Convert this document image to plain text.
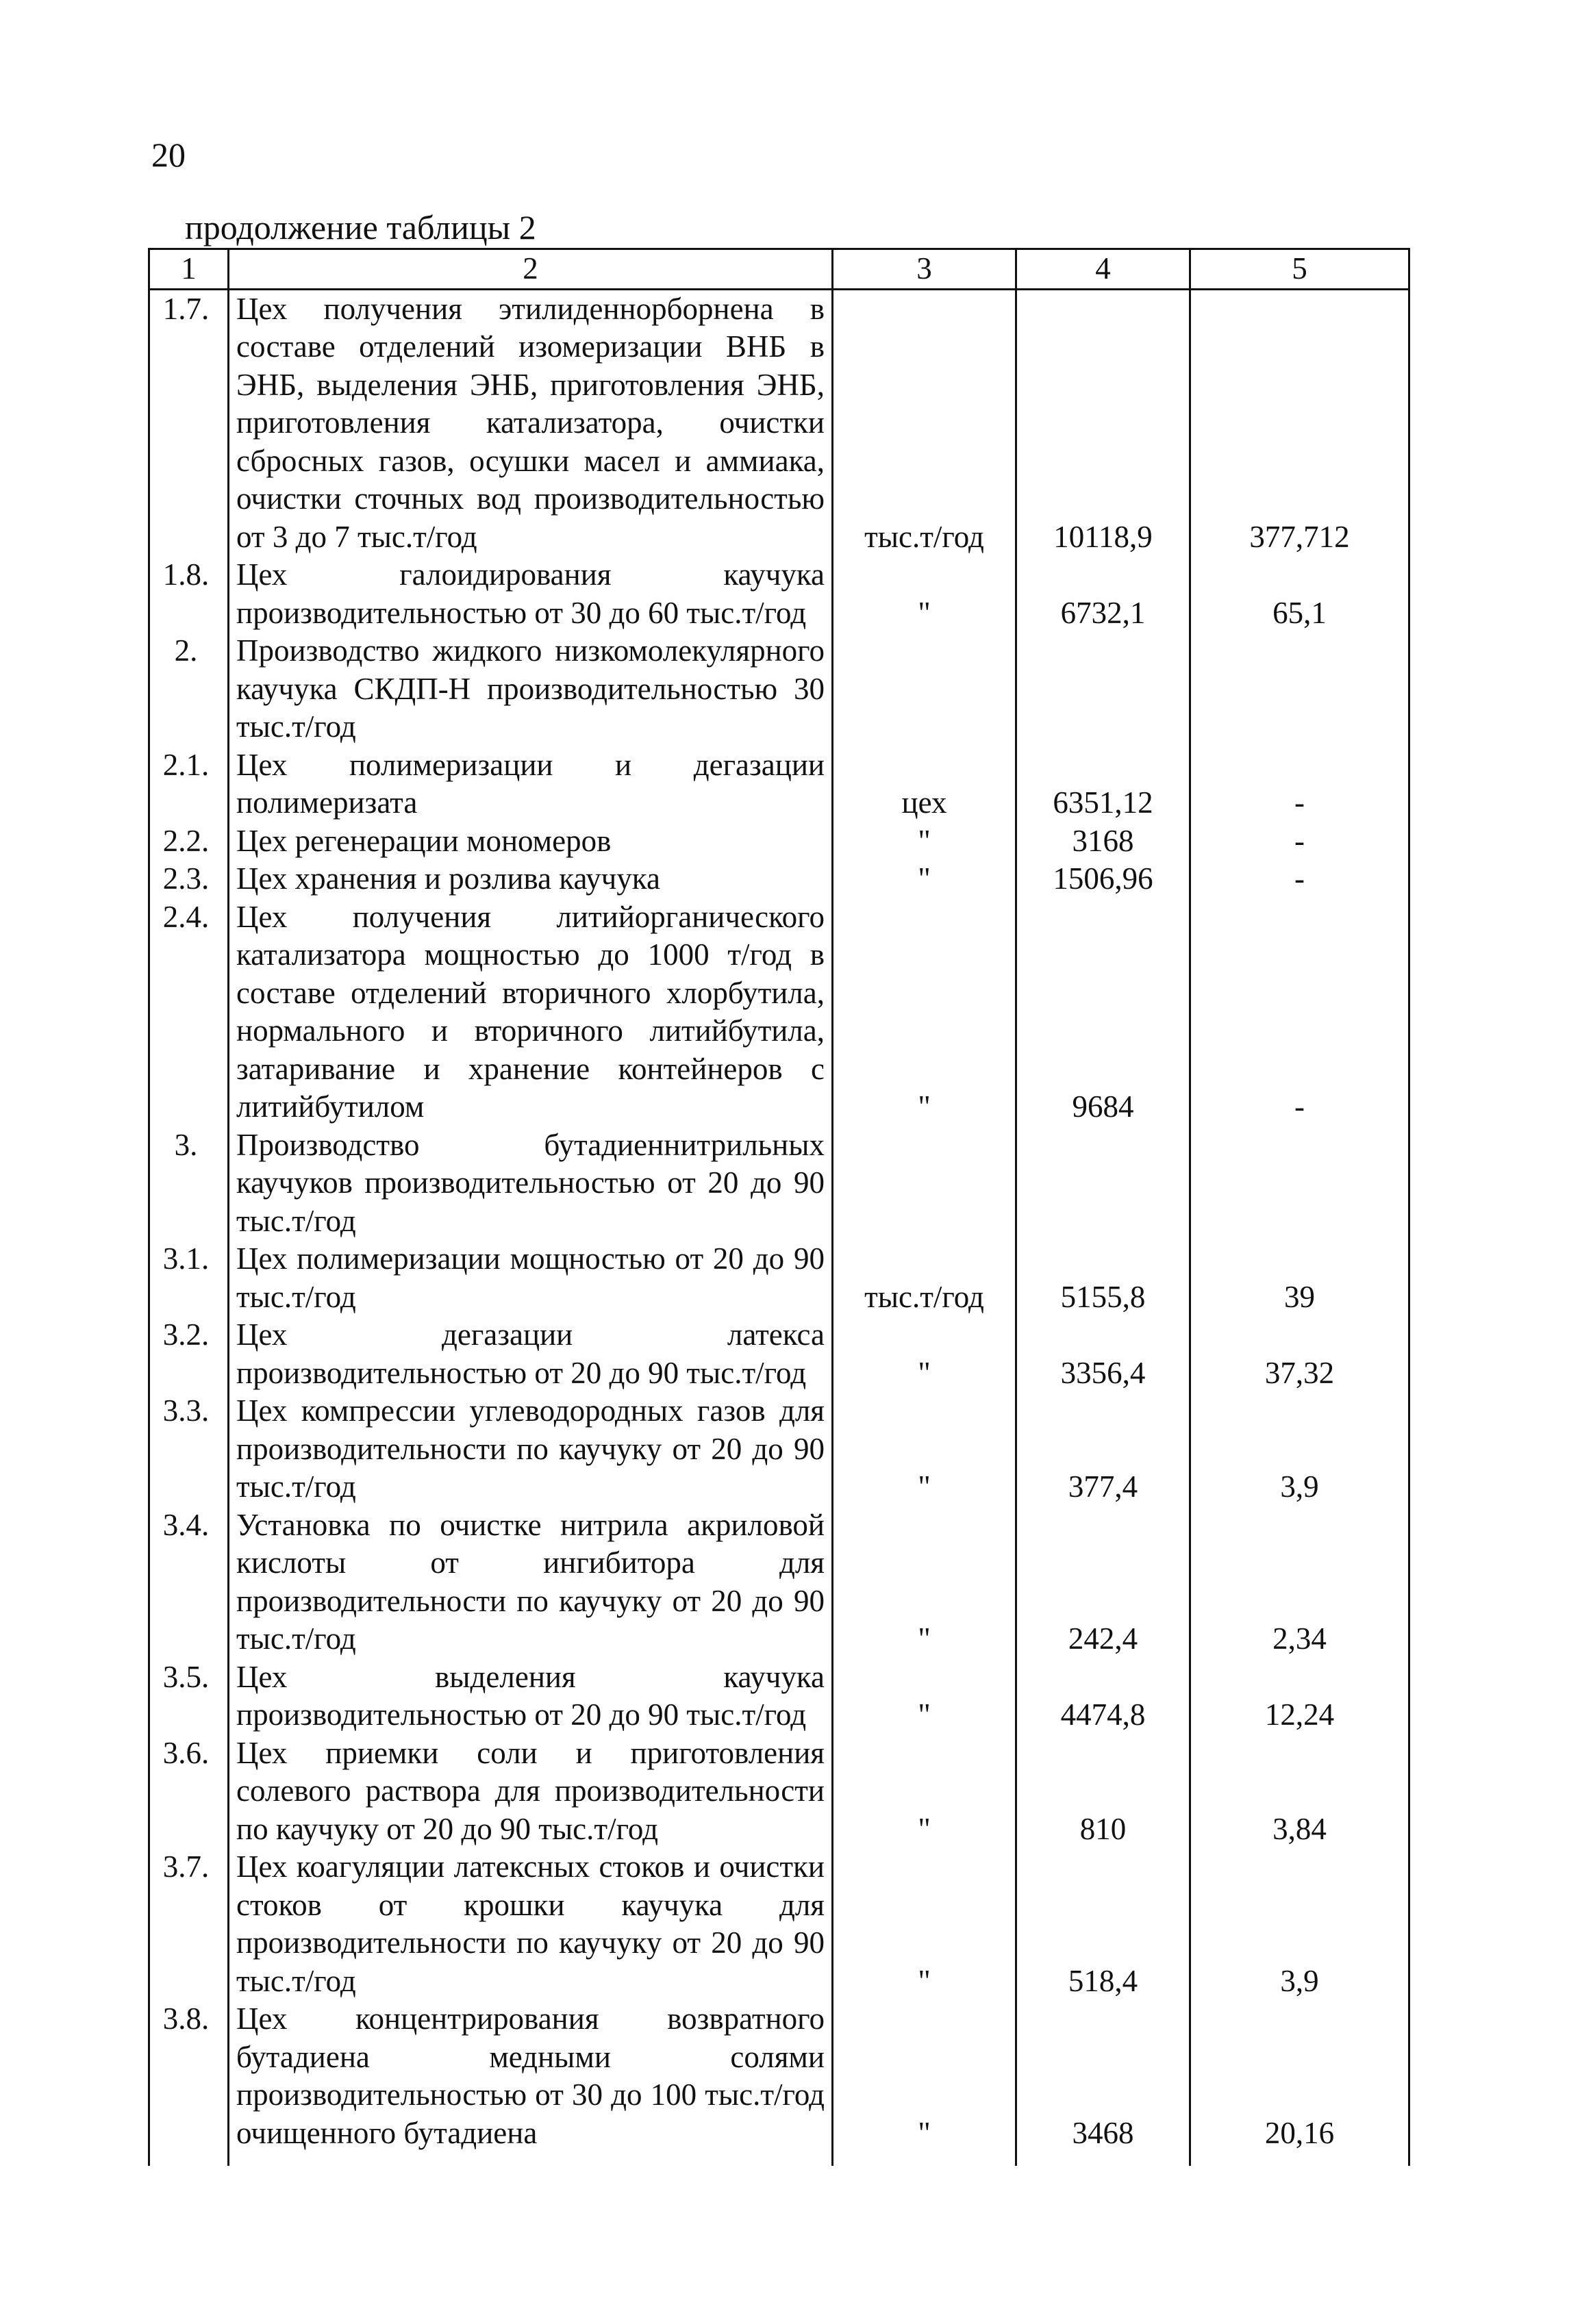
20
продолжение таблицы 2
1	2	3	4	5
1.7.	Цех получения этилиденнорборнена в составе отделений изомеризации ВНБ в ЭНБ, выделения ЭНБ, приготовления ЭНБ, приготовления катализатора, очистки сбросных газов, осушки масел и аммиака, очистки сточных вод производительностью от 3 до 7 тыс.т/год	тыс.т/год	10118,9	377,712
1.8.	Цех галоидирования каучука производительностью от 30 до 60 тыс.т/год	"	6732,1	65,1
2.	Производство жидкого низкомолекулярного каучука СКДП-Н производительностью 30 тыс.т/год			
2.1.	Цех полимеризации и дегазации полимеризата	цех	6351,12	-
2.2.	Цех регенерации мономеров	"	3168	-
2.3.	Цех хранения и розлива каучука	"	1506,96	-
2.4.	Цех получения литийорганического катализатора мощностью до 1000 т/год в составе отделений вторичного хлорбутила, нормального и вторичного литийбутила, затаривание и хранение контейнеров с литийбутилом	"	9684	-
3.	Производство бутадиеннитрильных каучуков производительностью от 20 до 90 тыс.т/год			
3.1.	Цех полимеризации мощностью от 20 до 90 тыс.т/год	тыс.т/год	5155,8	39
3.2.	Цех дегазации латекса производительностью от 20 до 90 тыс.т/год	"	3356,4	37,32
3.3.	Цех компрессии углеводородных газов для производительности по каучуку от 20 до 90 тыс.т/год	"	377,4	3,9
3.4.	Установка по очистке нитрила акриловой кислоты от ингибитора для производительности по каучуку от 20 до 90 тыс.т/год	"	242,4	2,34
3.5.	Цех выделения каучука производительностью от 20 до 90 тыс.т/год	"	4474,8	12,24
3.6.	Цех приемки соли и приготовления солевого раствора для производительности по каучуку от 20 до 90 тыс.т/год	"	810	3,84
3.7.	Цех коагуляции латексных стоков и очистки стоков от крошки каучука для производительности по каучуку от 20 до 90 тыс.т/год	"	518,4	3,9
3.8.	Цех концентрирования возвратного бутадиена медными солями производительностью от 30 до 100 тыс.т/год очищенного бутадиена	"	3468	20,16
